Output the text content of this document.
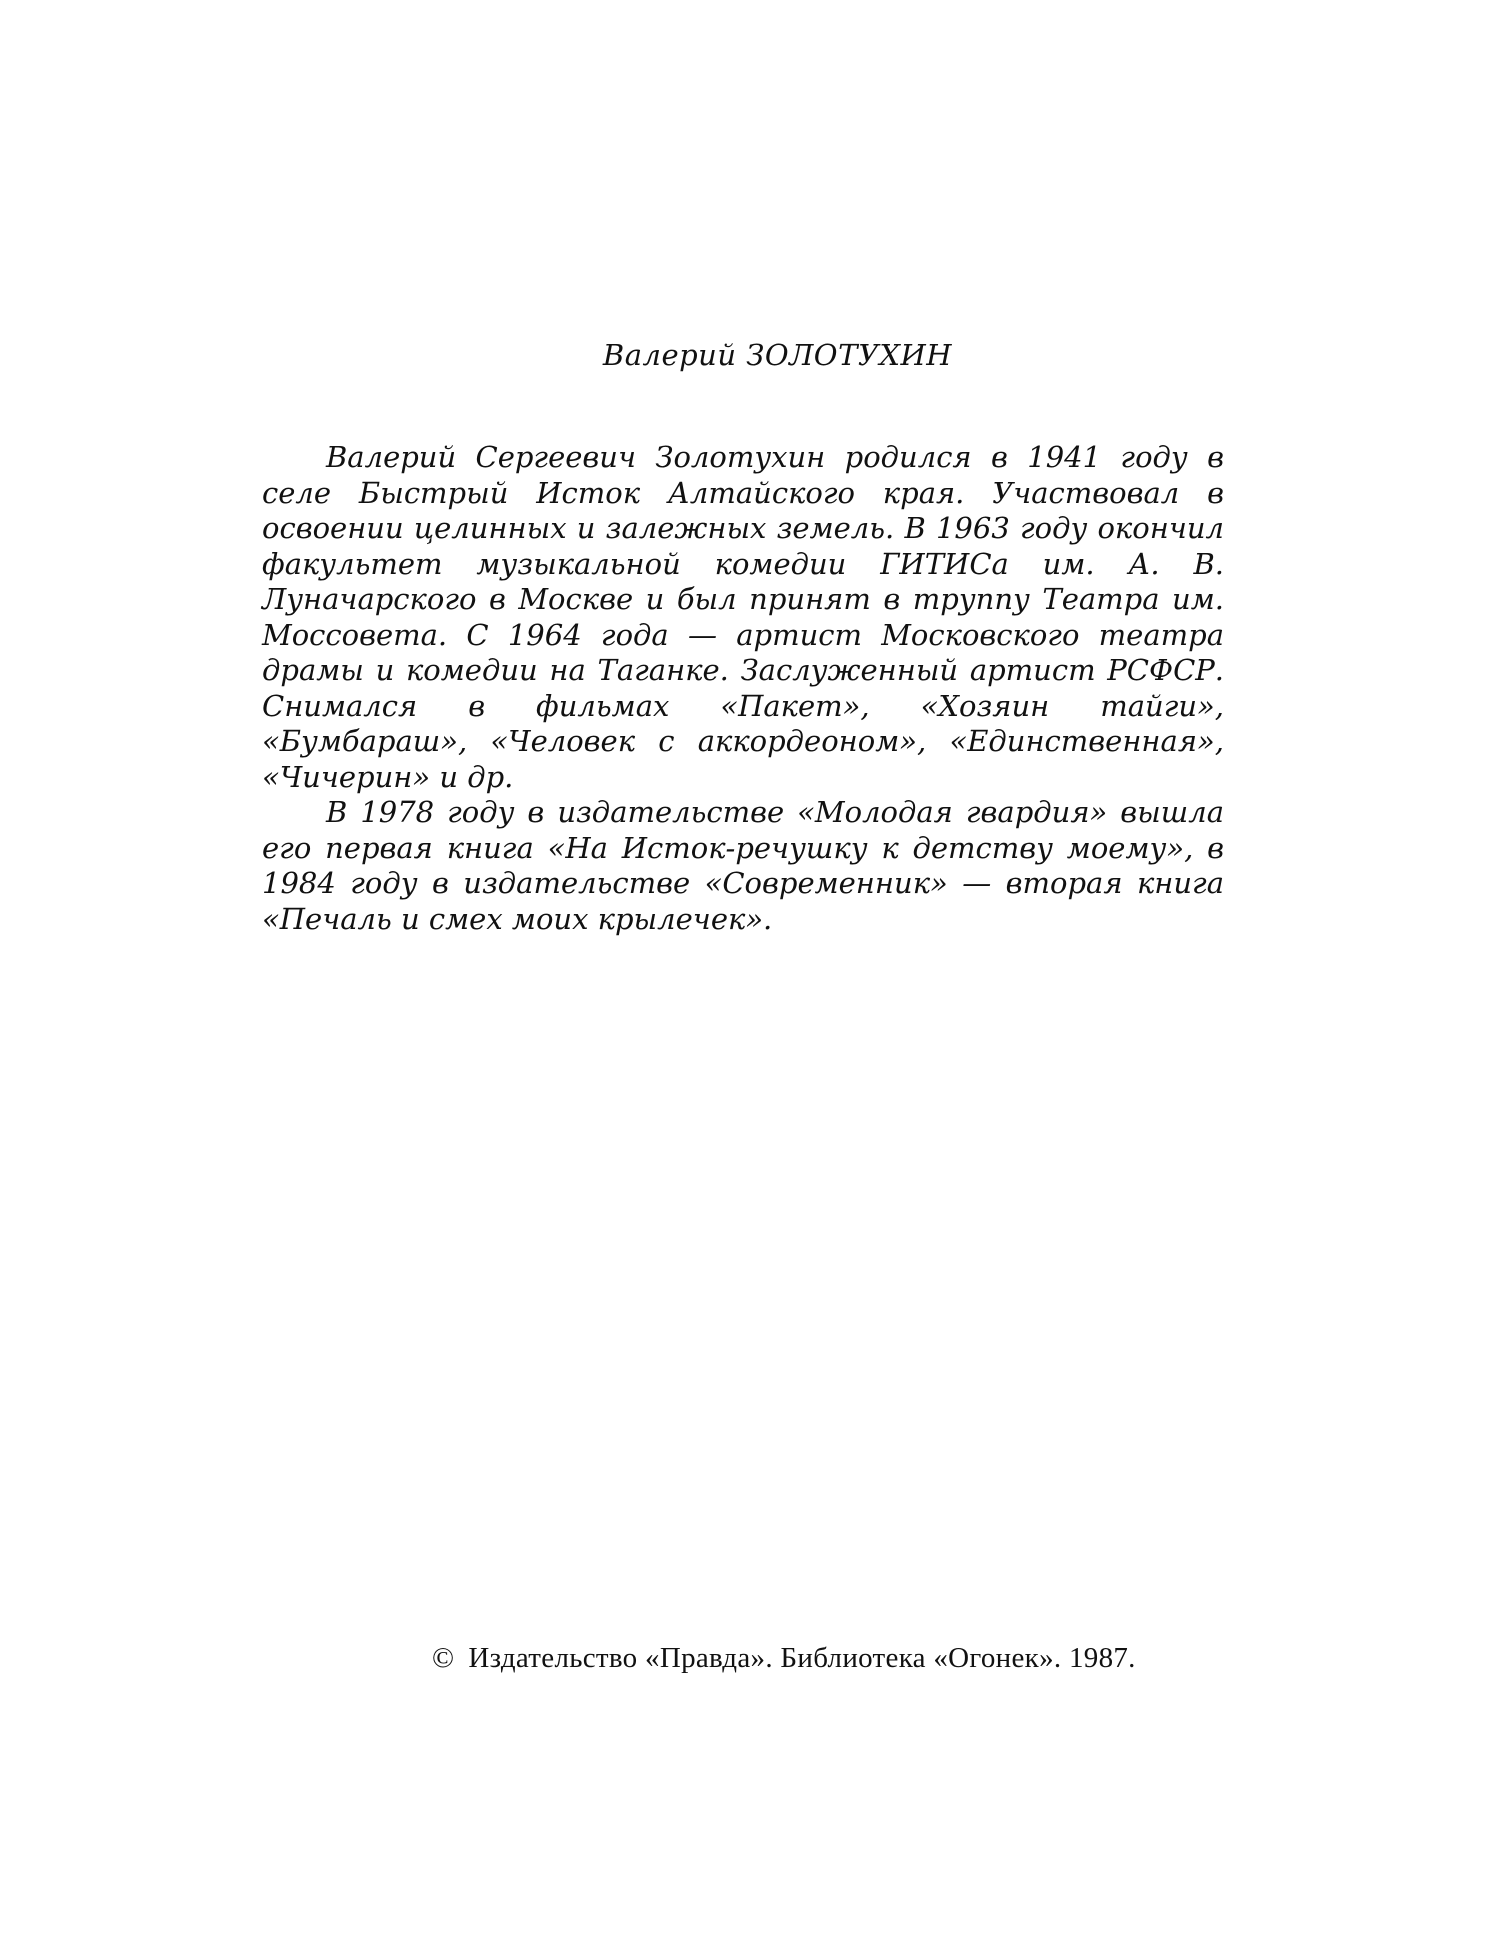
Валерий ЗОЛОТУХИН

Валерий Сергеевич Золотухин родился в 1941 году в селе Быстрый Исток Алтайского края. Участвовал в освоении целинных и залежных земель. В 1963 году окончил факультет музыкальной комедии ГИТИСа им. А. В. Луначарского в Москве и был принят в труппу Театра им. Моссовета. С 1964 года — артист Московского театра драмы и комедии на Таганке. Заслуженный артист РСФСР. Снимался в фильмах «Пакет», «Хозяин тайги», «Бумбараш», «Человек с аккордеоном», «Единственная», «Чичерин» и др.

В 1978 году в издательстве «Молодая гвардия» вышла его первая книга «На Исток-речушку к детству моему», в 1984 году в издательстве «Современник» — вторая книга «Печаль и смех моих крылечек».

© Издательство «Правда». Библиотека «Огонек». 1987.
